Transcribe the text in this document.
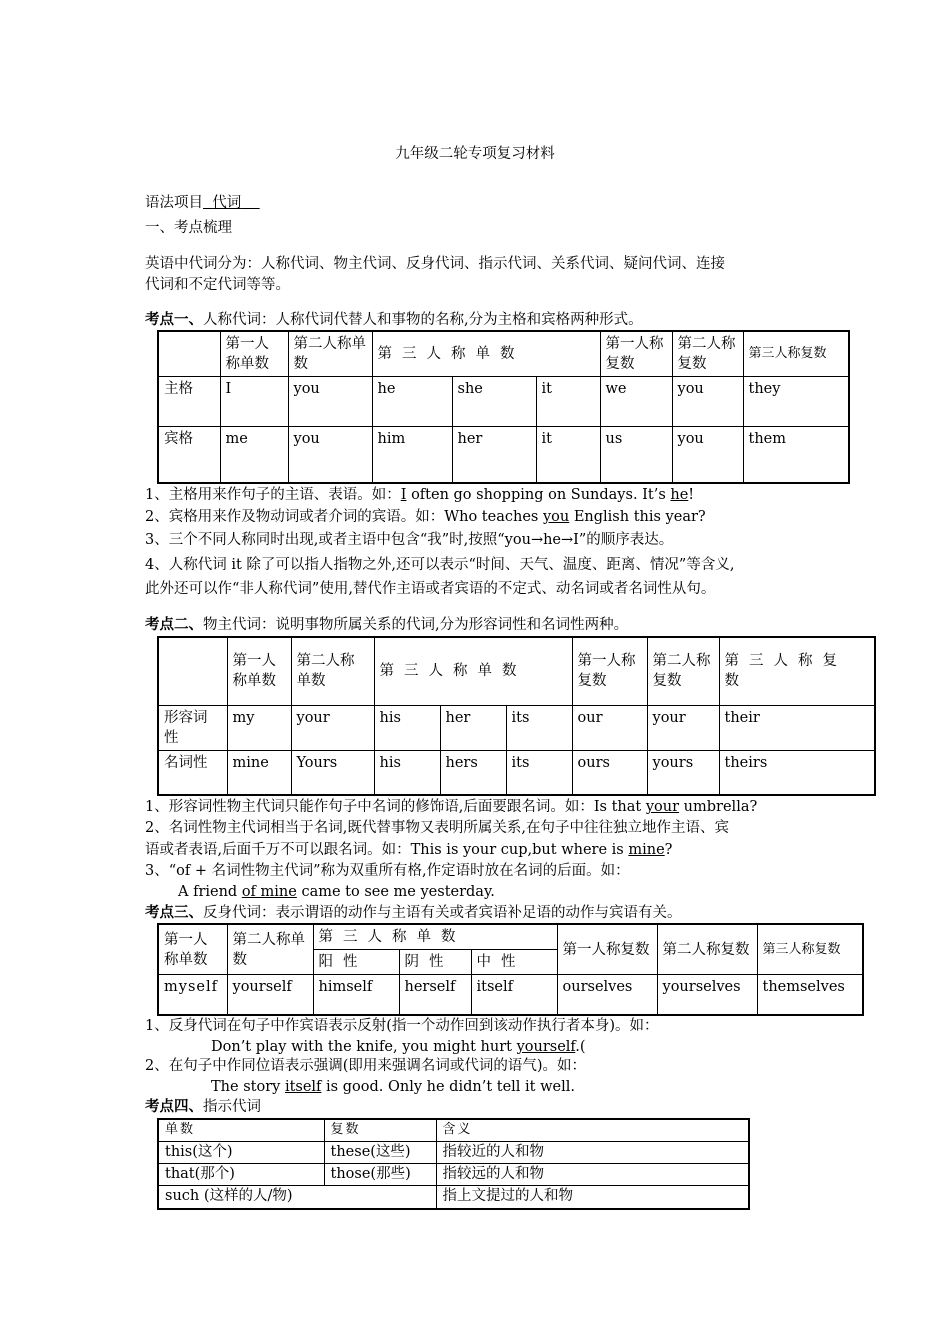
九年级二轮专项复习材料
语法项目 代词
一、考点梳理
英语中代词分为：人称代词、物主代词、反身代词、指示代词、关系代词、疑问代词、连接
代词和不定代词等等。
考点一、人称代词：人称代词代替人和事物的名称,分为主格和宾格两种形式。
	第一人称单数	第二人称单数	第三人称单数			第一人称复数	第二人称复数	第三人称复数
主格	I	you	he	she	it	we	you	they
宾格	me	you	him	her	it	us	you	them
1、主格用来作句子的主语、表语。如：I often go shopping on Sundays. It’s he!
2、宾格用来作及物动词或者介词的宾语。如：Who teaches you English this year?
3、三个不同人称同时出现,或者主语中包含“我”时,按照“you→he→I”的顺序表达。
4、人称代词 it 除了可以指人指物之外,还可以表示“时间、天气、温度、距离、情况”等含义,
此外还可以作“非人称代词”使用,替代作主语或者宾语的不定式、动名词或者名词性从句。
考点二、物主代词：说明事物所属关系的代词,分为形容词性和名词性两种。
	第一人称单数	第二人称单数	第三人称单数			第一人称复数	第二人称复数	第三人称复数
形容词性	my	your	his	her	its	our	your	their
名词性	mine	Yours	his	hers	its	ours	yours	theirs
1、形容词性物主代词只能作句子中名词的修饰语,后面要跟名词。如：Is that your umbrella?
2、名词性物主代词相当于名词,既代替事物又表明所属关系,在句子中往往独立地作主语、宾
语或者表语,后面千万不可以跟名词。如：This is your cup,but where is mine?
3、“of + 名词性物主代词”称为双重所有格,作定语时放在名词的后面。如：
A friend of mine came to see me yesterday.
考点三、反身代词：表示谓语的动作与主语有关或者宾语补足语的动作与宾语有关。
第一人称单数	第二人称单数	第三人称单数			第一人称复数	第二人称复数	第三人称复数
		阳性	阴性	中性			
myself	yourself	himself	herself	itself	ourselves	yourselves	themselves
1、反身代词在句子中作宾语表示反射(指一个动作回到该动作执行者本身)。如：
Don’t play with the knife, you might hurt yourself.(
2、在句子中作同位语表示强调(即用来强调名词或代词的语气)。如：
The story itself is good. Only he didn’t tell it well.
考点四、指示代词
单数	复数	含义
this(这个)	these(这些)	指较近的人和物
that(那个)	those(那些)	指较远的人和物
such (这样的人/物)		指上文提过的人和物
